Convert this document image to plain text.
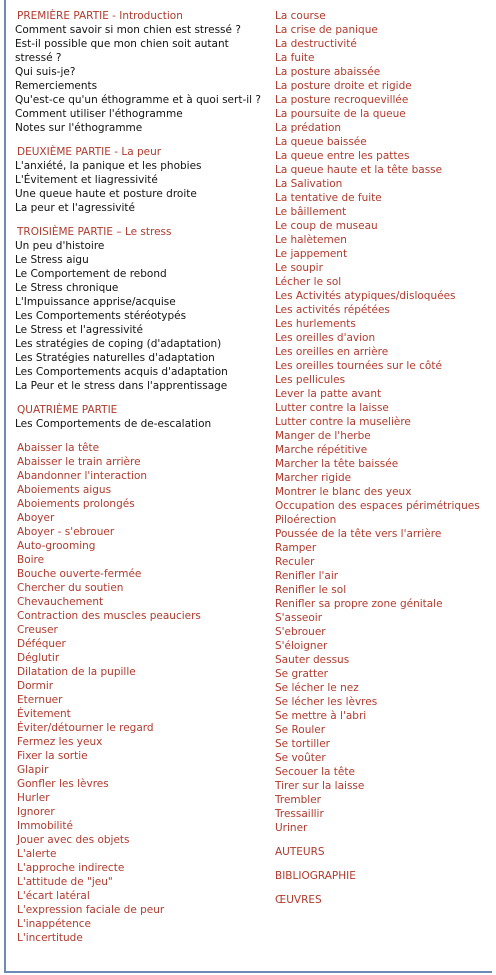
PREMIÈRE PARTIE - Introduction
Comment savoir si mon chien est stressé ?
Est-il possible que mon chien soit autant stressé ?
Qui suis-je?
Remerciements
Qu'est-ce qu'un éthogramme et à quoi sert-il ?
Comment utiliser l'éthogramme
Notes sur l'éthogramme
DEUXIÈME PARTIE - La peur
L'anxiété, la panique et les phobies
L'Évitement et liagressivité
Une queue haute et posture droite
La peur et l'agressivité
TROISIÈME PARTIE – Le stress
Un peu d'histoire
Le Stress aigu
Le Comportement de rebond
Le Stress chronique
L'Impuissance apprise/acquise
Les Comportements stéréotypés
Le Stress et l'agressivité
Les stratégies de coping (d'adaptation)
Les Stratégies naturelles d'adaptation
Les Comportements acquis d'adaptation
La Peur et le stress dans l'apprentissage
QUATRIÈME PARTIE
Les Comportements de de-escalation
Abaisser la tête
Abaisser le train arrière
Abandonner l'interaction
Aboiements aigus
Aboiements prolongés
Aboyer
Aboyer - s'ebrouer
Auto-grooming
Boire
Bouche ouverte-fermée
Chercher du soutien
Chevauchement
Contraction des muscles peauciers
Creuser
Déféquer
Déglutir
Dilatation de la pupille
Dormir
Eternuer
Évitement
Éviter/détourner le regard
Fermez les yeux
Fixer la sortie
Glapir
Gonfler les lèvres
Hurler
Ignorer
Immobilité
Jouer avec des objets
L'alerte
L'approche indirecte
L'attitude de "jeu"
L'écart latéral
L'expression faciale de peur
L'inappétence
L'incertitude
La course
La crise de panique
La destructivité
La fuite
La posture abaissée
La posture droite et rigide
La posture recroquevillée
La poursuite de la queue
La prédation
La queue baissée
La queue entre les pattes
La queue haute et la tête basse
La Salivation
La tentative de fuite
Le bâillement
Le coup de museau
Le halètemen
Le jappement
Le soupir
Lécher le sol
Les Activités atypiques/disloquées
Les activités répétées
Les hurlements
Les oreilles d'avion
Les oreilles en arrière
Les oreilles tournées sur le côté
Les pellicules
Lever la patte avant
Lutter contre la laisse
Lutter contre la muselière
Manger de l'herbe
Marche répétitive
Marcher la tête baissée
Marcher rigide
Montrer le blanc des yeux
Occupation des espaces périmétriques
Piloérection
Poussée de la tête vers l'arrière
Ramper
Reculer
Renifler l'air
Renifler le sol
Renifler sa propre zone génitale
S'asseoir
S'ebrouer
S'éloigner
Sauter dessus
Se gratter
Se lécher le nez
Se lécher les lèvres
Se mettre à l'abri
Se Rouler
Se tortiller
Se voûter
Secouer la tête
Tirer sur la laisse
Trembler
Tressaillir
Uriner
AUTEURS
BIBLIOGRAPHIE
ŒUVRES
